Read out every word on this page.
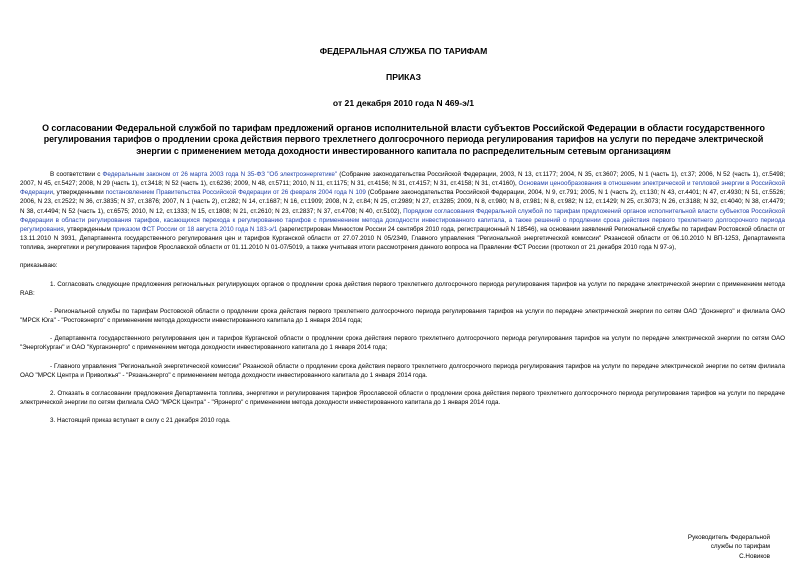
ФЕДЕРАЛЬНАЯ СЛУЖБА ПО ТАРИФАМ
ПРИКАЗ
от 21 декабря 2010 года N 469-э/1
О согласовании Федеральной службой по тарифам предложений органов исполнительной власти субъектов Российской Федерации в области государственного регулирования тарифов о продлении срока действия первого трехлетнего долгосрочного периода регулирования тарифов на услуги по передаче электрической энергии с применением метода доходности инвестированного капитала по распределительным сетевым организациям

В соответствии с Федеральным законом от 26 марта 2003 года N 35-ФЗ "Об электроэнергетике" (Собрание законодательства Российской Федерации, 2003, N 13, ст.1177; 2004, N 35, ст.3607; 2005, N 1 (часть 1), ст.37; 2006, N 52 (часть 1), ст.5498; 2007, N 45, ст.5427; 2008, N 29 (часть 1), ст.3418; N 52 (часть 1), ст.6236; 2009, N 48, ст.5711; 2010, N 11, ст.1175; N 31, ст.4156; N 31, ст.4157; N 31, ст.4158; N 31, ст.4160), Основами ценообразования в отношении электрической и тепловой энергии в Российской Федерации, утвержденными постановлением Правительства Российской Федерации от 26 февраля 2004 года N 109 (Собрание законодательства Российской Федерации, 2004, N 9, ст.791; 2005, N 1 (часть 2), ст.130; N 43, ст.4401; N 47, ст.4930; N 51, ст.5526; 2006, N 23, ст.2522; N 36, ст.3835; N 37, ст.3876; 2007, N 1 (часть 2), ст.282; N 14, ст.1687; N 16, ст.1909; 2008, N 2, ст.84; N 25, ст.2989; N 27, ст.3285; 2009, N 8, ст.980; N 8, ст.981; N 8, ст.982; N 12, ст.1429; N 25, ст.3073; N 26, ст.3188; N 32, ст.4040; N 38, ст.4479; N 38, ст.4494; N 52 (часть 1), ст.6575; 2010, N 12, ст.1333; N 15, ст.1808; N 21, ст.2610; N 23, ст.2837; N 37, ст.4708; N 40, ст.5102), Порядком согласования Федеральной службой по тарифам предложений органов исполнительной власти субъектов Российской Федерации в области регулирования тарифов, касающихся перехода к регулированию тарифов с применением метода доходности инвестированного капитала, а также решений о продлении срока действия первого трехлетнего долгосрочного периода регулирования, утвержденным приказом ФСТ России от 18 августа 2010 года N 183-э/1 (зарегистрирован Минюстом России 24 сентября 2010 года, регистрационный N 18546), на основании заявлений Региональной службы по тарифам Ростовской области от 13.11.2010 N 3931, Департамента государственного регулирования цен и тарифов Курганской области от 27.07.2010 N 05/2349, Главного управления "Региональной энергетической комиссии" Рязанской области от 06.10.2010 N ВП-1253, Департамента топлива, энергетики и регулирования тарифов Ярославской области от 01.11.2010 N 01-07/5019, а также учитывая итоги рассмотрения данного вопроса на Правлении ФСТ России (протокол от 21 декабря 2010 года N 97-э),

приказываю:

1. Согласовать следующие предложения региональных регулирующих органов о продлении срока действия первого трехлетнего долгосрочного периода регулирования тарифов на услуги по передаче электрической энергии с применением метода RAB:

- Региональной службы по тарифам Ростовской области о продлении срока действия первого трехлетнего долгосрочного периода регулирования тарифов на услуги по передаче электрической энергии по сетям ОАО "Донэнерго" и филиала ОАО "МРСК Юга" - "Ростовэнерго" с применением метода доходности инвестированного капитала до 1 января 2014 года;

- Департамента государственного регулирования цен и тарифов Курганской области о продлении срока действия первого трехлетнего долгосрочного периода регулирования тарифов на услуги по передаче электрической энергии по сетям ОАО "ЭнергоКурган" и ОАО "Курганэнерго" с применением метода доходности инвестированного капитала до 1 января 2014 года;

- Главного управления "Региональной энергетической комиссии" Рязанской области о продлении срока действия первого трехлетнего долгосрочного периода регулирования тарифов на услуги по передаче электрической энергии по сетям филиала ОАО "МРСК Центра и Приволжья" - "Рязаньэнерго" с применением метода доходности инвестированного капитала до 1 января 2014 года.

2. Отказать в согласовании предложения Департамента топлива, энергетики и регулирования тарифов Ярославской области о продлении срока действия первого трехлетнего долгосрочного периода регулирования тарифов на услуги по передаче электрической энергии по сетям филиала ОАО "МРСК Центра" - "Ярэнерго" с применением метода доходности инвестированного капитала до 1 января 2014 года.

3. Настоящий приказ вступает в силу с 21 декабря 2010 года.

Руководитель Федеральной
службы по тарифам
С.Новиков
